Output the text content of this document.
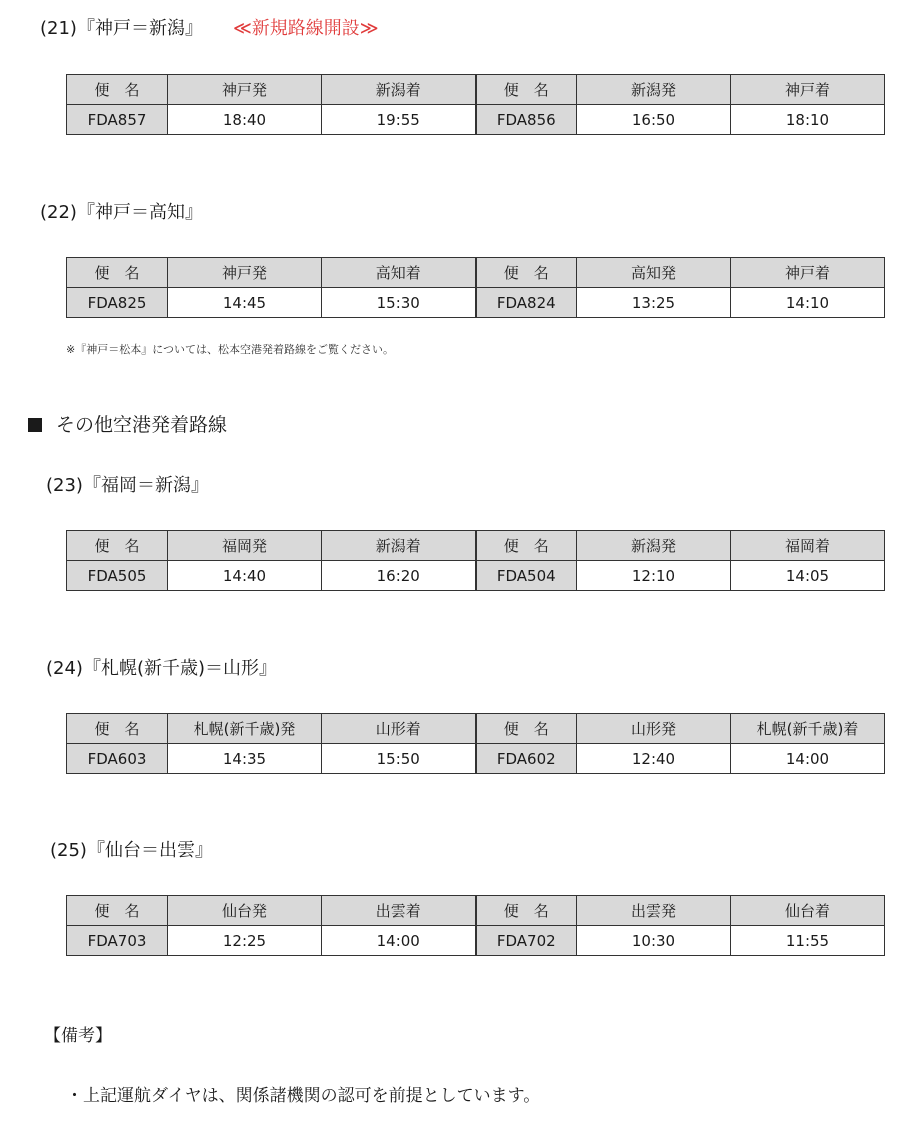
(21)『神戸＝新潟』 ≪新規路線開設≫
便　名	神戸発	新潟着	便　名	新潟発	神戸着
FDA857	18:40	19:55	FDA856	16:50	18:10
(22)『神戸＝高知』
便　名	神戸発	高知着	便　名	高知発	神戸着
FDA825	14:45	15:30	FDA824	13:25	14:10
※『神戸＝松本』については、松本空港発着路線をご覧ください。
その他空港発着路線
(23)『福岡＝新潟』
便　名	福岡発	新潟着	便　名	新潟発	福岡着
FDA505	14:40	16:20	FDA504	12:10	14:05
(24)『札幌(新千歳)＝山形』
便　名	札幌(新千歳)発	山形着	便　名	山形発	札幌(新千歳)着
FDA603	14:35	15:50	FDA602	12:40	14:00
(25)『仙台＝出雲』
便　名	仙台発	出雲着	便　名	出雲発	仙台着
FDA703	12:25	14:00	FDA702	10:30	11:55
【備考】
・上記運航ダイヤは、関係諸機関の認可を前提としています。
